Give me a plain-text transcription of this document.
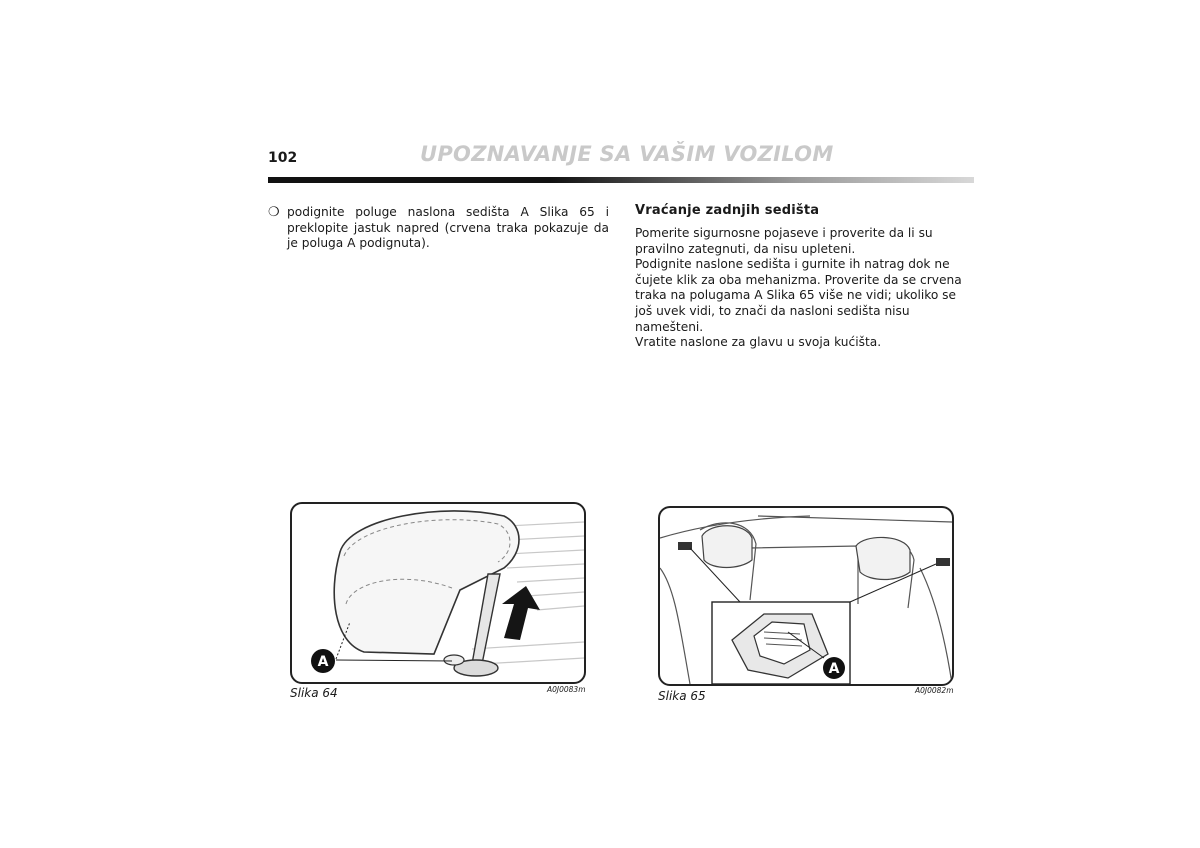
102	UPOZNAVANJE SA VAŠIM VOZILOM
❍ podignite poluge naslona sedišta A Slika 65 i preklopite jastuk napred (crvena traka pokazuje da je poluga A podignuta).
Vraćanje zadnjih sedišta

Pomerite sigurnosne pojaseve i proverite da li su pravilno zategnuti, da nisu upleteni.

Podignite naslone sedišta i gurnite ih natrag dok ne čujete klik za oba mehanizma. Proverite da se crvena traka na polugama A Slika 65 više ne vidi; ukoliko se još uvek vidi, to znači da nasloni sedišta nisu namešteni.

Vratite naslone za glavu u svoja kućišta.

A
Slika 64	A0J0083m
A
Slika 65	A0J0082m
